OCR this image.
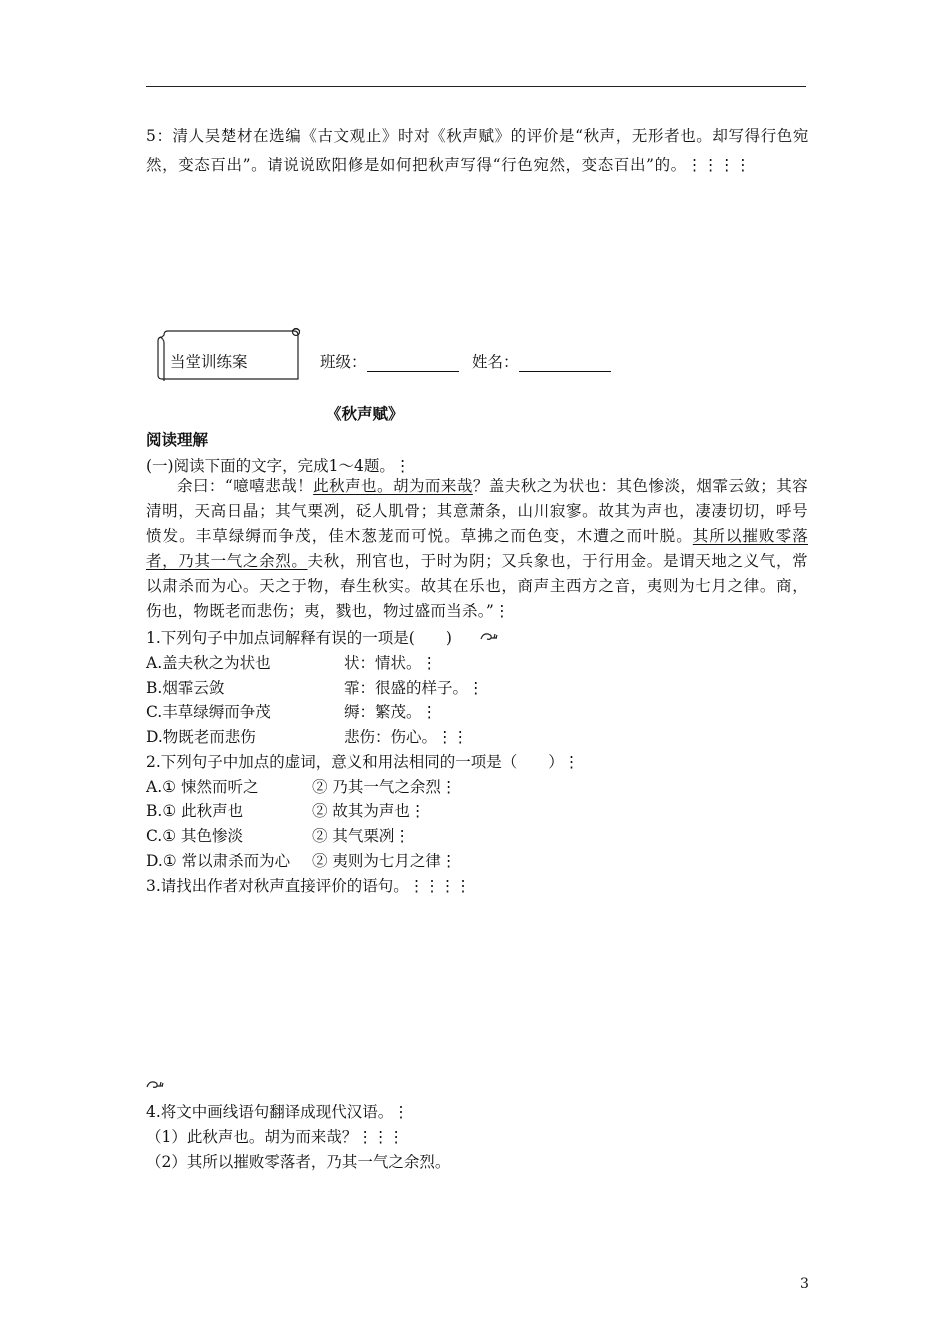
5：清人吴楚材在选编《古文观止》时对《秋声赋》的评价是“秋声，无形者也。却写得行色宛
然，变态百出”。请说说欧阳修是如何把秋声写得“行色宛然，变态百出”的。⋮⋮⋮⋮
当堂训练案	班级：	姓名：
《秋声赋》
阅读理解
(一)阅读下面的文字，完成1～4题。⋮
余曰：“噫嘻悲哉！此秋声也。胡为而来哉？盖夫秋之为状也：其色惨淡，烟霏云敛；其容清明，天高日晶；其气栗冽，砭人肌骨；其意萧条，山川寂寥。故其为声也，凄凄切切，呼号愤发。丰草绿缛而争茂，佳木葱茏而可悦。草拂之而色变，木遭之而叶脱。其所以摧败零落者，乃其一气之余烈。夫秋，刑官也，于时为阴；又兵象也，于行用金。是谓天地之义气，常以肃杀而为心。天之于物，春生秋实。故其在乐也，商声主西方之音，夷则为七月之律。商，伤也，物既老而悲伤；夷，戮也，物过盛而当杀。”⋮
1.下列句子中加点词解释有误的一项是(　　)
A.盖夫秋之为状也	状：情状。⋮
B.烟霏云敛	霏：很盛的样子。⋮
C.丰草绿缛而争茂	缛：繁茂。⋮
D.物既老而悲伤	悲伤：伤心。⋮⋮
2.下列句子中加点的虚词，意义和用法相同的一项是（　　）⋮
A.① 悚然而听之	② 乃其一气之余烈⋮
B.① 此秋声也	② 故其为声也⋮
C.① 其色惨淡	② 其气栗冽⋮
D.① 常以肃杀而为心 ② 夷则为七月之律⋮
3.请找出作者对秋声直接评价的语句。⋮⋮⋮⋮
4.将文中画线语句翻译成现代汉语。⋮
（1）此秋声也。胡为而来哉？⋮⋮⋮
（2）其所以摧败零落者，乃其一气之余烈。
3
